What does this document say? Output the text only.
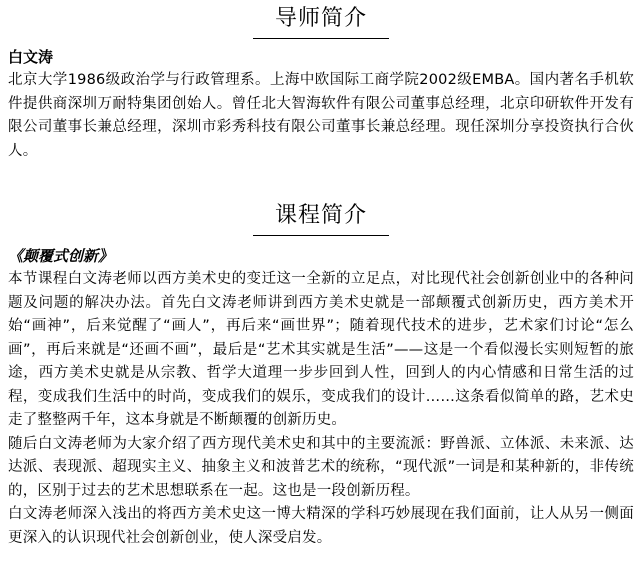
导师简介
白文涛

北京大学1986级政治学与行政管理系。上海中欧国际工商学院2002级EMBA。国内著名手机软件提供商深圳万耐特集团创始人。曾任北大智海软件有限公司董事总经理，北京印研软件开发有限公司董事长兼总经理，深圳市彩秀科技有限公司董事长兼总经理。现任深圳分享投资执行合伙人。

课程简介
《颠覆式创新》

本节课程白文涛老师以西方美术史的变迁这一全新的立足点，对比现代社会创新创业中的各种问题及问题的解决办法。首先白文涛老师讲到西方美术史就是一部颠覆式创新历史，西方美术开始“画神”，后来觉醒了“画人”，再后来“画世界”；随着现代技术的进步，艺术家们讨论“怎么画”，再后来就是“还画不画”，最后是“艺术其实就是生活”——这是一个看似漫长实则短暂的旅途，西方美术史就是从宗教、哲学大道理一步步回到人性，回到人的内心情感和日常生活的过程，变成我们生活中的时尚，变成我们的娱乐，变成我们的设计……这条看似简单的路，艺术史走了整整两千年，这本身就是不断颠覆的创新历史。

随后白文涛老师为大家介绍了西方现代美术史和其中的主要流派：野兽派、立体派、未来派、达达派、表现派、超现实主义、抽象主义和波普艺术的统称，“现代派”一词是和某种新的，非传统的，区别于过去的艺术思想联系在一起。这也是一段创新历程。

白文涛老师深入浅出的将西方美术史这一博大精深的学科巧妙展现在我们面前，让人从另一侧面更深入的认识现代社会创新创业，使人深受启发。
